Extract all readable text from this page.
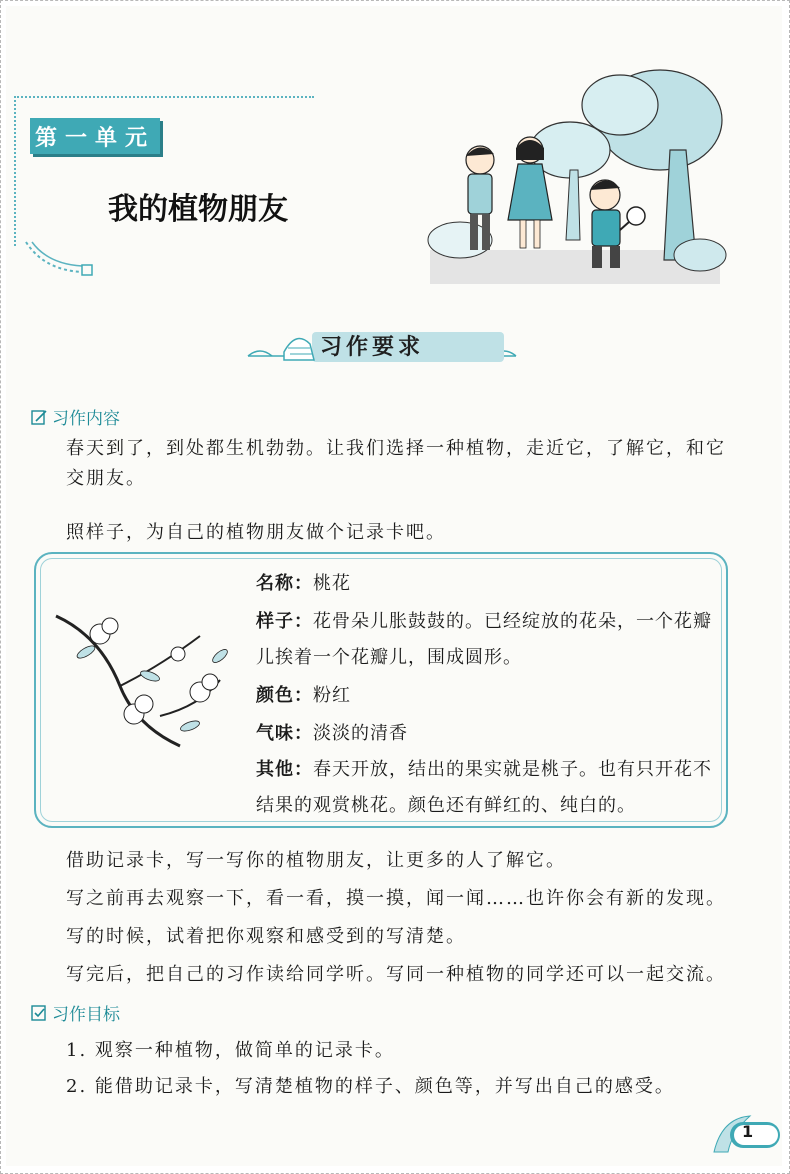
第一单元
我的植物朋友
习作要求
习作内容
春天到了，到处都生机勃勃。让我们选择一种植物，走近它，了解它，和它交朋友。
照样子，为自己的植物朋友做个记录卡吧。
名称：桃花
样子：花骨朵儿胀鼓鼓的。已经绽放的花朵，一个花瓣
儿挨着一个花瓣儿，围成圆形。
颜色：粉红
气味：淡淡的清香
其他：春天开放，结出的果实就是桃子。也有只开花不
结果的观赏桃花。颜色还有鲜红的、纯白的。
借助记录卡，写一写你的植物朋友，让更多的人了解它。
写之前再去观察一下，看一看，摸一摸，闻一闻……也许你会有新的发现。
写的时候，试着把你观察和感受到的写清楚。
写完后，把自己的习作读给同学听。写同一种植物的同学还可以一起交流。
习作目标
1. 观察一种植物，做简单的记录卡。
2. 能借助记录卡，写清楚植物的样子、颜色等，并写出自己的感受。
1
